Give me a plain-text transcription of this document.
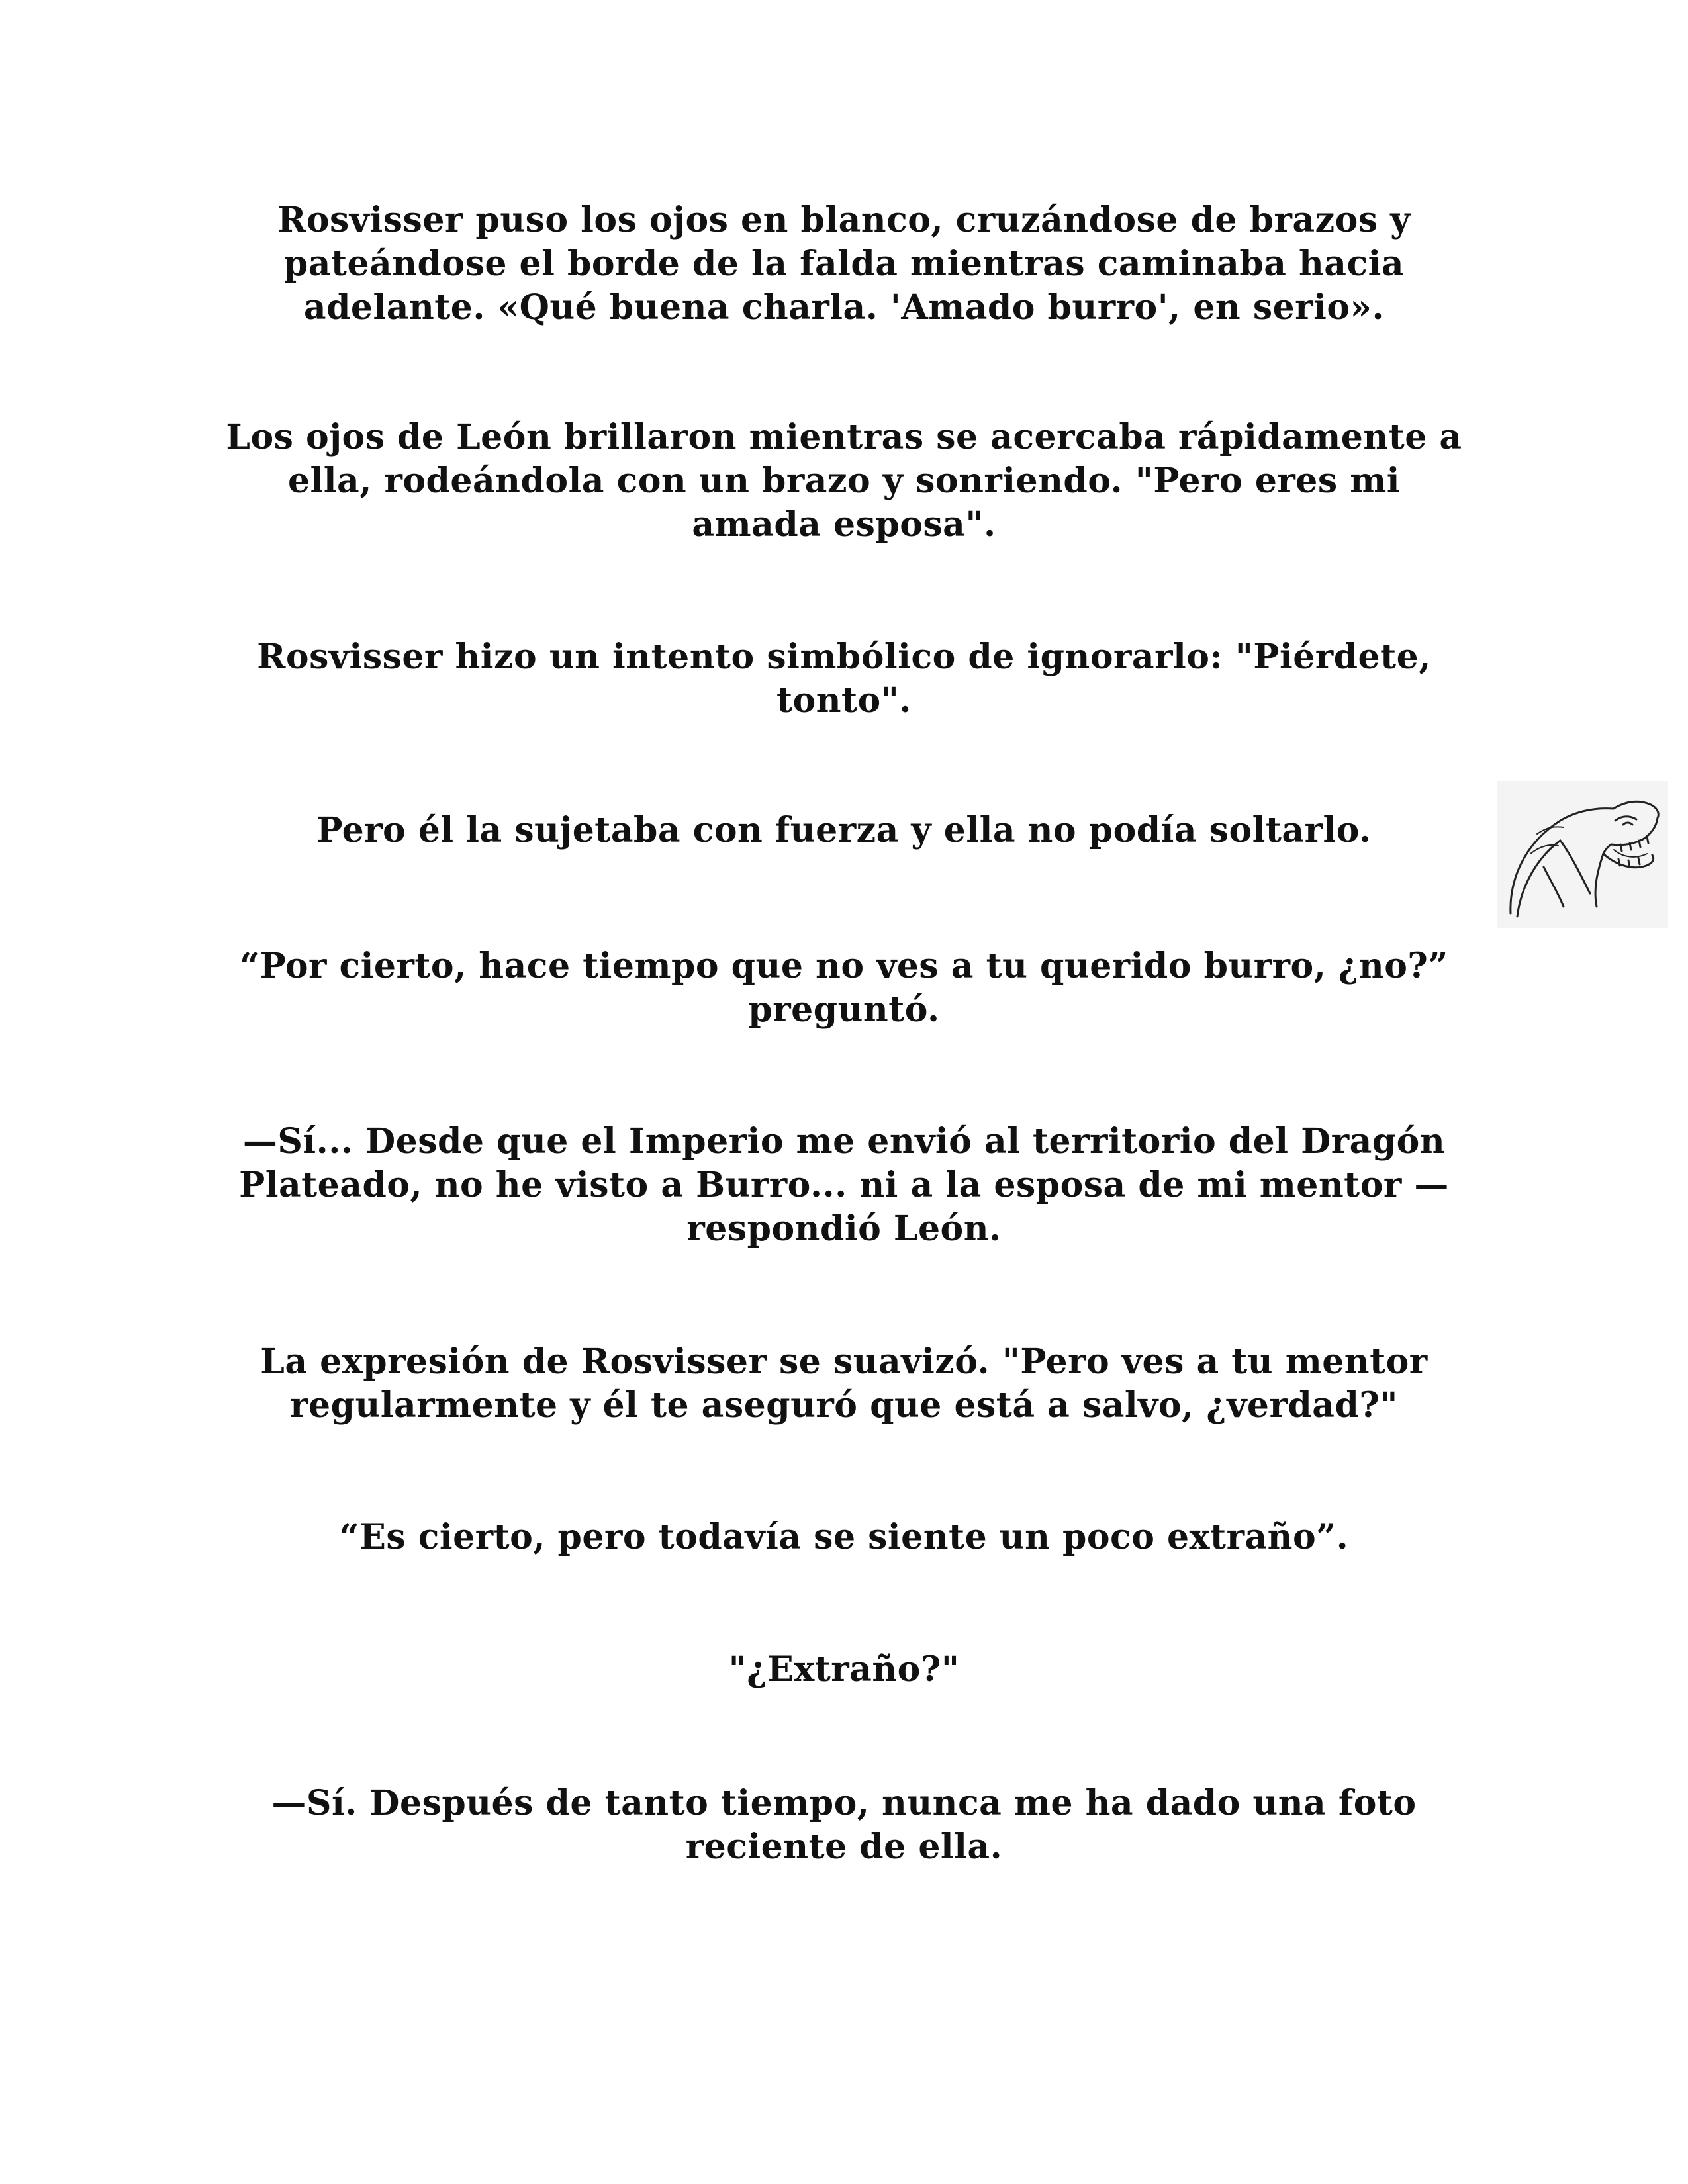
Rosvisser puso los ojos en blanco, cruzándose de brazos y
pateándose el borde de la falda mientras caminaba hacia
adelante. «Qué buena charla. 'Amado burro', en serio».

Los ojos de León brillaron mientras se acercaba rápidamente a
ella, rodeándola con un brazo y sonriendo. "Pero eres mi
amada esposa".

Rosvisser hizo un intento simbólico de ignorarlo: "Piérdete,
tonto".

Pero él la sujetaba con fuerza y ella no podía soltarlo.

“Por cierto, hace tiempo que no ves a tu querido burro, ¿no?”
preguntó.

—Sí... Desde que el Imperio me envió al territorio del Dragón
Plateado, no he visto a Burro... ni a la esposa de mi mentor —
respondió León.

La expresión de Rosvisser se suavizó. "Pero ves a tu mentor
regularmente y él te aseguró que está a salvo, ¿verdad?"

“Es cierto, pero todavía se siente un poco extraño”.

"¿Extraño?"

—Sí. Después de tanto tiempo, nunca me ha dado una foto
reciente de ella.
